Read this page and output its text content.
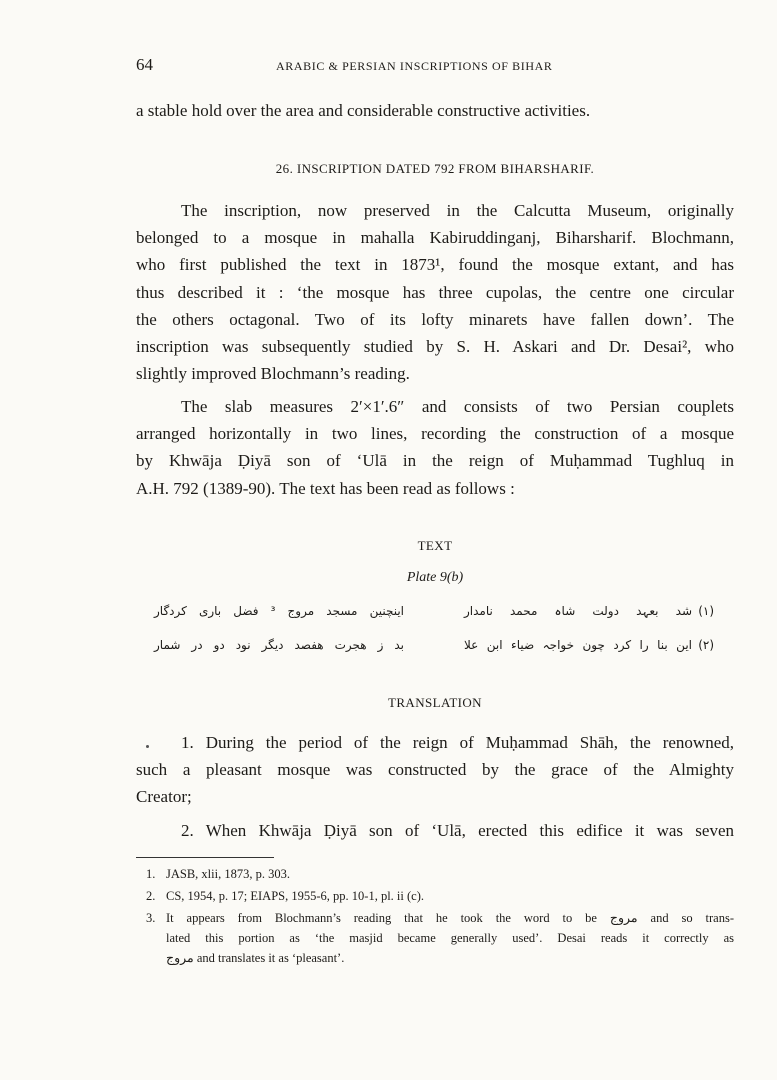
64	ARABIC & PERSIAN INSCRIPTIONS OF BIHAR
a stable hold over the area and considerable constructive activities.
26. INSCRIPTION DATED 792 FROM BIHARSHARIF.
The inscription, now preserved in the Calcutta Museum, originally
belonged to a mosque in mahalla Kabiruddinganj, Biharsharif. Blochmann,
who first published the text in 1873¹, found the mosque extant, and has
thus described it : ‘the mosque has three cupolas, the centre one circular
the others octagonal. Two of its lofty minarets have fallen down’. The
inscription was subsequently studied by S. H. Askari and Dr. Desai², who
slightly improved Blochmann’s reading.
The slab measures 2′×1′.6″ and consists of two Persian couplets
arranged horizontally in two lines, recording the construction of a mosque
by Khwāja Ḍiyā son of ‘Ulā in the reign of Muḥammad Tughluq in
A.H. 792 (1389-90). The text has been read as follows :
TEXT
Plate 9(b)
اینچنین مسجد مروج ³ فضل باری کردگار	شد بعہد دولت شاہ محمد نامدار (۱)
بد ز هجرت هفصد دیگر نود دو در شمار	این بنا را کرد چون خواجہ ضیاء ابن علا (۲)
TRANSLATION
1. During the period of the reign of Muḥammad Shāh, the renowned,
such a pleasant mosque was constructed by the grace of the Almighty
Creator;
2. When Khwāja Ḍiyā son of ‘Ulā, erected this edifice it was seven
1. JASB, xlii, 1873, p. 303.
2. CS, 1954, p. 17; EIAPS, 1955-6, pp. 10-1, pl. ii (c).
3. It appears from Blochmann’s reading that he took the word to be مروج and so trans-
lated this portion as ‘the masjid became generally used’. Desai reads it correctly as
مروج and translates it as ‘pleasant’.
